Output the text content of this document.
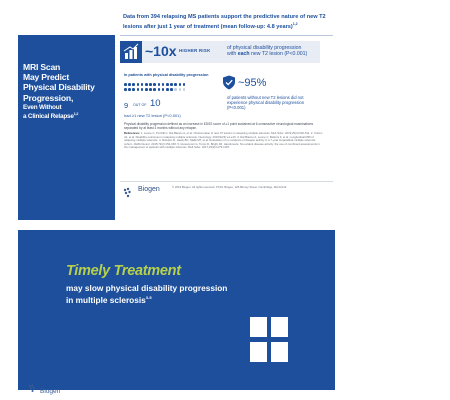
MRI Scan
May Predict
Physical Disability
Progression,
Even Without
a Clinical Relapse$^{1,2}$
Data from 394 relapsing MS patients support the predictive nature of new T2 lesions after just 1 year of treatment (mean follow-up: 4.8 years)$^{1,2}$
~10x HIGHER RISK	of physical disability progression
with each new T2 lesion (P<0.001)
In patients with physical disability progression
9 OUT OF 10
had ≥1 new T2 lesion (P<0.001)
~95%
of patients without new T2 lesions did not experience physical disability progression (P<0.001)
Physical disability progression defined as an increase in EDSS score of ≥1 point sustained at 6 consecutive neurological examinations separated by at least 3 months without any relapse.
References: 1. Leone C, Pozzilli C, Dal Bianco A, et al. Clinical value of new T2 lesions in relapsing multiple sclerosis. Mult Scler. 2019;25(4):502-511. 2. Cohen JA, et al. Disability outcomes in relapsing multiple sclerosis. Neurology. 2019;92(3):e1-e10. 3. Dal Bianco A, Leone C, Bellomi F, et al. Longitudinal MRI of relapsing multiple sclerosis. 4. Rotstein D, Healy BC, Malik MT, et al. Evaluation of no evidence of disease activity in a 7-year longitudinal multiple sclerosis cohort. JAMA Neurol. 2015;72(2):152-158. 5. Giovannoni G, Tomic D, Bright JR, Havrdova E. No evident disease activity: the use of combined assessments in the management of patients with multiple sclerosis. Mult Scler. 2017;23(9):1179-1187.
Biogen	© 2019 Biogen. All rights reserved. 07/19. Biogen, 225 Binney Street, Cambridge, MA 02142
Timely Treatment
may slow physical disability progression
in multiple sclerosis$^{3-5}$
Biogen
